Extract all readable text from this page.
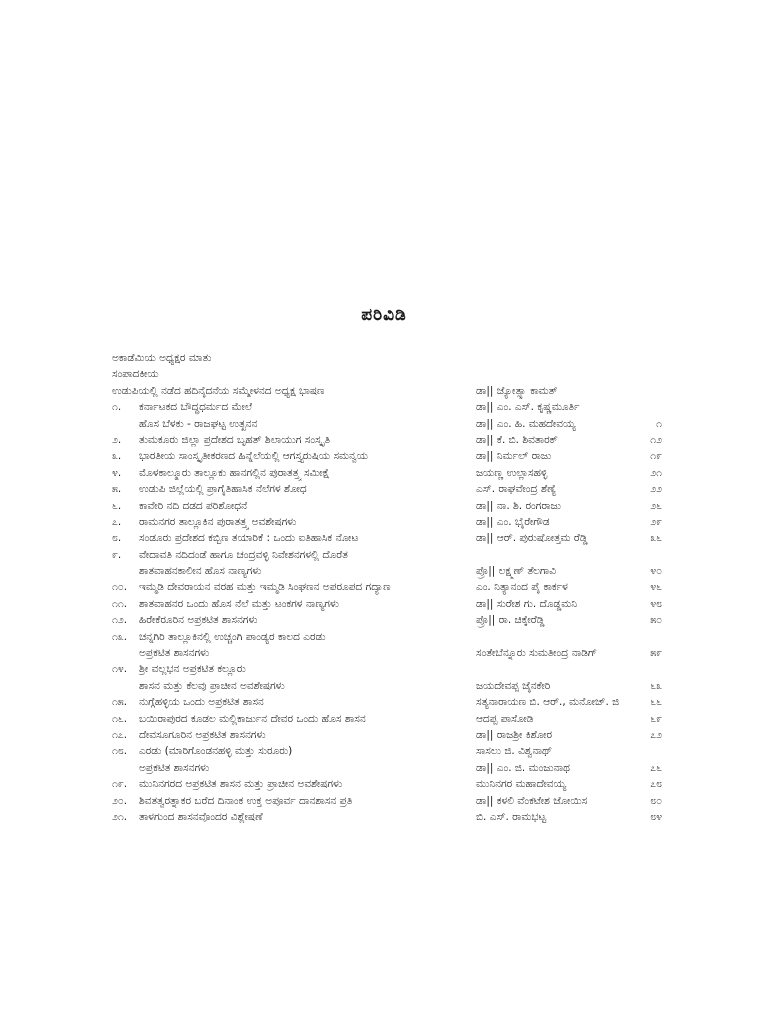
ಪರಿವಿಡಿ
ಅಕಾಡೆಮಿಯ ಅಧ್ಯಕ್ಷರ ಮಾತು
ಸಂಪಾದಕೀಯ
ಉಡುಪಿಯಲ್ಲಿ ನಡೆದ ಹದಿನೈದನೆಯ ಸಮ್ಮೇಳನದ ಅಧ್ಯಕ್ಷ ಭಾಷಣ	ಡಾ|| ಜ್ಯೋತ್ಸ್ನಾ ಕಾಮತ್
೧.	ಕರ್ನಾಟಕದ ಬೌದ್ಧಧರ್ಮದ ಮೇಲೆ	ಡಾ|| ಎಂ. ಎಸ್. ಕೃಷ್ಣಮೂರ್ತಿ
ಹೊಸ ಬೆಳಕು - ರಾಜಘಟ್ಟ ಉತ್ಖನನ	ಡಾ|| ಎಂ. ಹಿ. ಮಹದೇವಯ್ಯ	೧
೨.	ತುಮಕೂರು ಜಿಲ್ಲಾ ಪ್ರದೇಶದ ಬೃಹತ್ ಶಿಲಾಯುಗ ಸಂಸ್ಕೃತಿ	ಡಾ|| ಕೆ. ಬಿ. ಶಿವತಾರಕ್	೧೨
೩.	ಭಾರತೀಯ ಸಾಂಸ್ಕೃತೀಕರಣದ ಹಿನ್ನೆಲೆಯಲ್ಲಿ ಆಗಸ್ತ್ಯರುಷಿಯ ಸಮನ್ವಯ	ಡಾ|| ನಿರ್ಮಲ್ ರಾಜು	೧೯
೪.	ಮೊಳಕಾಲ್ಮೂರು ತಾಲ್ಲೂಕು ಹಾನಗಲ್ಲಿನ ಪುರಾತತ್ತ್ವ ಸಮೀಕ್ಷೆ	ಜಯಣ್ಣ ಉಲ್ಲಾಸಹಳ್ಳಿ	೨೧
೫.	ಉಡುಪಿ ಜಿಲ್ಲೆಯಲ್ಲಿ ಪ್ರಾಗೈತಿಹಾಸಿಕ ನೆಲೆಗಳ ಶೋಧ	ಎಸ್. ರಾಘವೇಂದ್ರ ಶೆಣ್ಯೆ	೨೨
೬.	ಕಾವೇರಿ ನದಿ ದಡದ ಪರಿಶೋಧನೆ	ಡಾ|| ನಾ. ಶಿ. ರಂಗರಾಜು	೨೬
೭.	ರಾಮನಗರ ತಾಲ್ಲೂಕಿನ ಪುರಾತತ್ತ್ವ ಅವಶೇಷಗಳು	ಡಾ|| ಎಂ. ಭೈರೇಗೌಡ	೨೯
೮.	ಸಂಡೂರು ಪ್ರದೇಶದ ಕಬ್ಬಿಣ ತಯಾರಿಕೆ : ಒಂದು ಐತಿಹಾಸಿಕ ನೋಟ	ಡಾ|| ಆರ್. ಪುರುಷೋತ್ತಮ ರೆಡ್ಡಿ	೩೬
೯.	ವೇದಾವತಿ ನದಿದಂಡೆ ಹಾಗೂ ಚಂದ್ರವಳ್ಳಿ ನಿವೇಶನಗಳಲ್ಲಿ ದೊರೆತ
ಶಾತವಾಹನಕಾಲೀನ ಹೊಸ ನಾಣ್ಯಗಳು	ಪ್ರೊ|| ಲಕ್ಷ್ಮಣ್ ತೆಲಗಾವಿ	೪೦
೧೦.	ಇಮ್ಮಡಿ ದೇವರಾಯನ ವರಹ ಮತ್ತು ಇಮ್ಮಡಿ ಸಿಂಘಣನ ಅಪರೂಪದ ಗದ್ಯಾಣ	ಎಂ. ನಿತ್ಯಾನಂದ ಪೈ ಕಾರ್ಕಳ	೪೬
೧೧.	ಶಾತವಾಹನರ ಒಂದು ಹೊಸ ನೆಲೆ ಮತ್ತು ಟಂಕಗಳ ನಾಣ್ಯಗಳು	ಡಾ|| ಸುರೇಶ ಗು. ದೊಡ್ಡಮನಿ	೪೮
೧೨.	ಹಿರೇಕೆರೂರಿನ ಅಪ್ರಕಟಿತ ಶಾಸನಗಳು	ಪ್ರೊ|| ರಾ. ಚಿಕ್ಕೇರೆಡ್ಡಿ	೫೦
೧೩.	ಚನ್ನಗಿರಿ ತಾಲ್ಲೂಕಿನಲ್ಲಿ ಉಚ್ಚಂಗಿ ಪಾಂಡ್ಯರ ಕಾಲದ ಎರಡು
ಅಪ್ರಕಟಿತ ಶಾಸನಗಳು	ಸಂತೇಬೆನ್ನೂರು ಸುಮತೀಂದ್ರ ನಾಡಿಗ್	೫೯
೧೪.	ಶ್ರೀ ವಲ್ಲಭನ ಅಪ್ರಕಟಿತ ಕಲ್ಲೂರು
ಶಾಸನ ಮತ್ತು ಕೆಲವು ಪ್ರಾಚೀನ ಅವಶೇಷಗಳು	ಜಯದೇವಪ್ಪ ಜೈನಕೇರಿ	೬೩
೧೫.	ನುಗ್ಗೆಹಳ್ಳಿಯ ಒಂದು ಅಪ್ರಕಟಿತ ಶಾಸನ	ಸತ್ಯನಾರಾಯಣ ಬಿ. ಆರ್., ಮನೋಜ್. ಜಿ	೬೬
೧೬.	ಬಯಿರಾಪುರದ ಕೂಡಲ ಮಲ್ಲಿಕಾರ್ಜುನ ದೇವರ ಒಂದು ಹೊಸ ಶಾಸನ	ಆದಪ್ಪ ಪಾಸೋಡಿ	೬೯
೧೭.	ದೇವಸೂಗೂರಿನ ಅಪ್ರಕಟಿತ ಶಾಸನಗಳು	ಡಾ|| ರಾಜಶ್ರೀ ಕಿಶೋರ	೭೨
೧೮.	ಎರಡು (ಮಾರಿಗೊಂಡನಹಳ್ಳಿ ಮತ್ತು ಸುರೂರು)	ಸಾಸಲು ಜಿ. ವಿಶ್ವನಾಥ್
ಅಪ್ರಕಟಿತ ಶಾಸನಗಳು	ಡಾ|| ಎಂ. ಜಿ. ಮಂಜುನಾಥ	೭೬
೧೯.	ಮುನಿನಗರದ ಅಪ್ರಕಟಿತ ಶಾಸನ ಮತ್ತು ಪ್ರಾಚೀನ ಅವಶೇಷಗಳು	ಮುನಿನಗರ ಮಹಾದೇವಯ್ಯ	೭೮
೨೦.	ಶಿವತತ್ವರತ್ನಾಕರ ಬರೆದ ದಿನಾಂಕ ಉಕ್ತ ಅಪೂರ್ವ ದಾನಶಾಸನ ಪ್ರತಿ	ಡಾ|| ಕಳಲಿ ವೆಂಕಟೇಶ ಜೋಯಿಸ	೮೦
೨೧.	ತಾಳಗುಂದ ಶಾಸನವೊಂದರ ವಿಶ್ಲೇಷಣೆ	ಬಿ. ಎಸ್. ರಾಮಭಟ್ಟ	೮೪
